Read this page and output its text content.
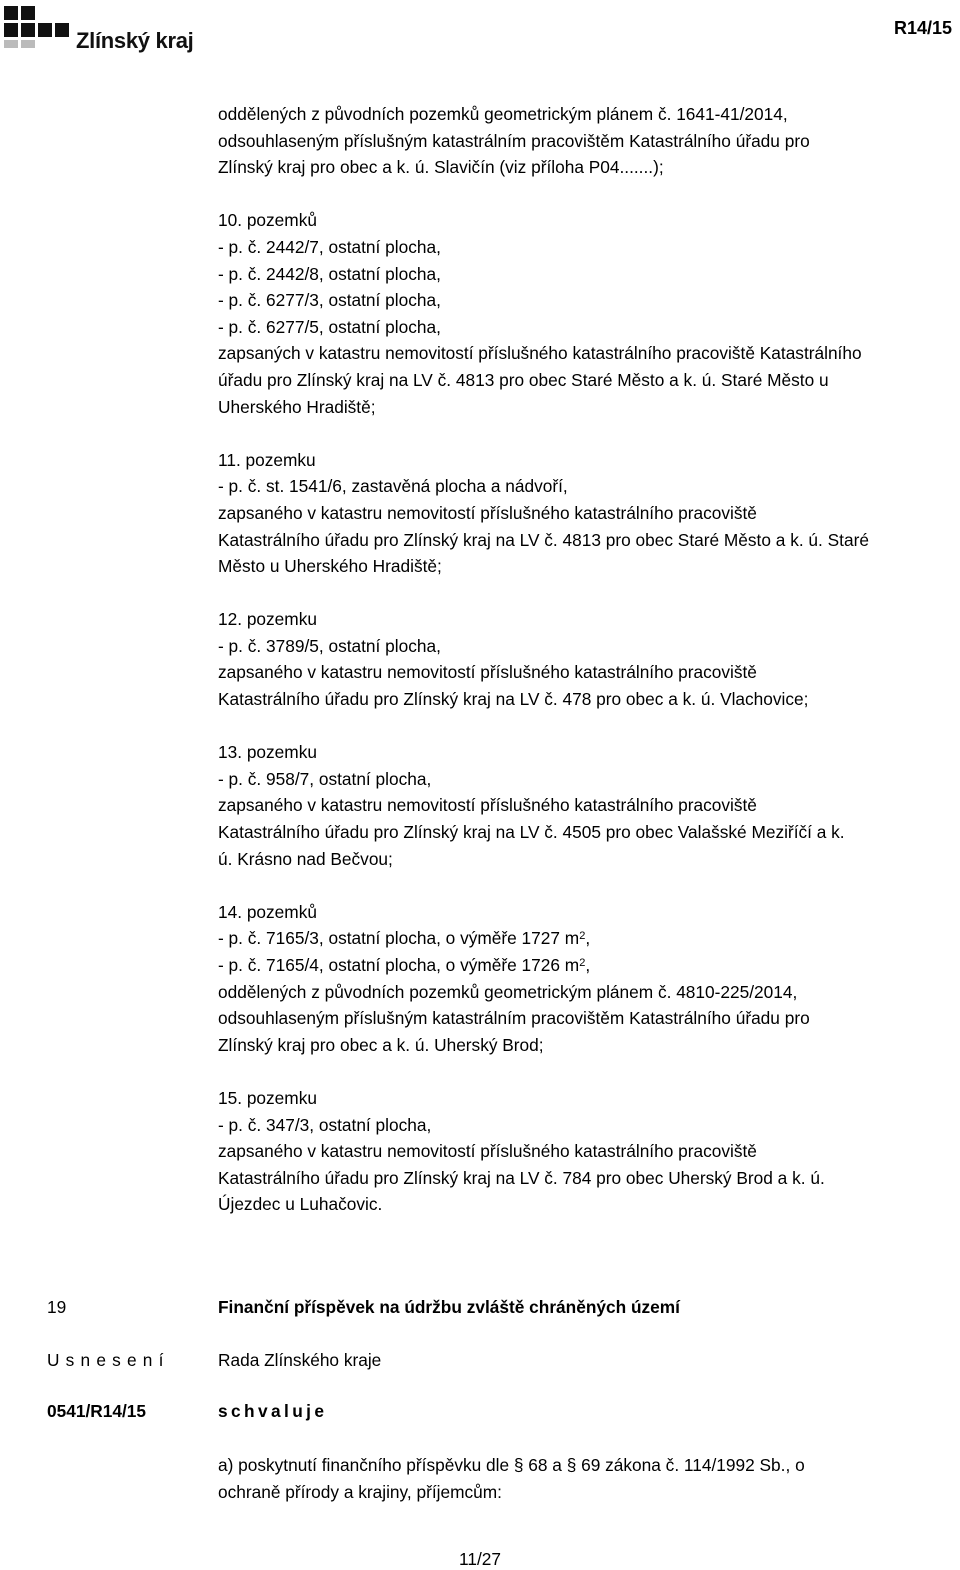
Zlínský kraj	R14/15

oddělených z původních pozemků geometrickým plánem č. 1641-41/2014,

odsouhlaseným příslušným katastrálním pracovištěm Katastrálního úřadu pro

Zlínský kraj pro obec a k. ú. Slavičín (viz příloha P04.......);

10. pozemků

- p. č. 2442/7, ostatní plocha,

- p. č. 2442/8, ostatní plocha,

- p. č. 6277/3, ostatní plocha,

- p. č. 6277/5, ostatní plocha,

zapsaných v katastru nemovitostí příslušného katastrálního pracoviště Katastrálního

úřadu pro Zlínský kraj na LV č. 4813 pro obec Staré Město a k. ú. Staré Město u

Uherského Hradiště;

11. pozemku

- p. č. st. 1541/6, zastavěná plocha a nádvoří,

zapsaného v katastru nemovitostí příslušného katastrálního pracoviště

Katastrálního úřadu pro Zlínský kraj na LV č. 4813 pro obec Staré Město a k. ú. Staré

Město u Uherského Hradiště;

12. pozemku

- p. č. 3789/5, ostatní plocha,

zapsaného v katastru nemovitostí příslušného katastrálního pracoviště

Katastrálního úřadu pro Zlínský kraj na LV č. 478 pro obec a k. ú. Vlachovice;

13. pozemku

- p. č. 958/7, ostatní plocha,

zapsaného v katastru nemovitostí příslušného katastrálního pracoviště

Katastrálního úřadu pro Zlínský kraj na LV č. 4505 pro obec Valašské Meziříčí a k.

ú. Krásno nad Bečvou;

14. pozemků

- p. č. 7165/3, ostatní plocha, o výměře 1727 $m^2$,

- p. č. 7165/4, ostatní plocha, o výměře 1726 $m^2$,

oddělených z původních pozemků geometrickým plánem č. 4810-225/2014,

odsouhlaseným příslušným katastrálním pracovištěm Katastrálního úřadu pro

Zlínský kraj pro obec a k. ú. Uherský Brod;

15. pozemku

- p. č. 347/3, ostatní plocha,

zapsaného v katastru nemovitostí příslušného katastrálního pracoviště

Katastrálního úřadu pro Zlínský kraj na LV č. 784 pro obec Uherský Brod a k. ú.

Újezdec u Luhačovic.

19	Finanční příspěvek na údržbu zvláště chráněných území
Usnesení	Rada Zlínského kraje
0541/R14/15	schvaluje

a) poskytnutí finančního příspěvku dle § 68 a § 69 zákona č. 114/1992 Sb., o

ochraně přírody a krajiny, příjemcům:

11/27
